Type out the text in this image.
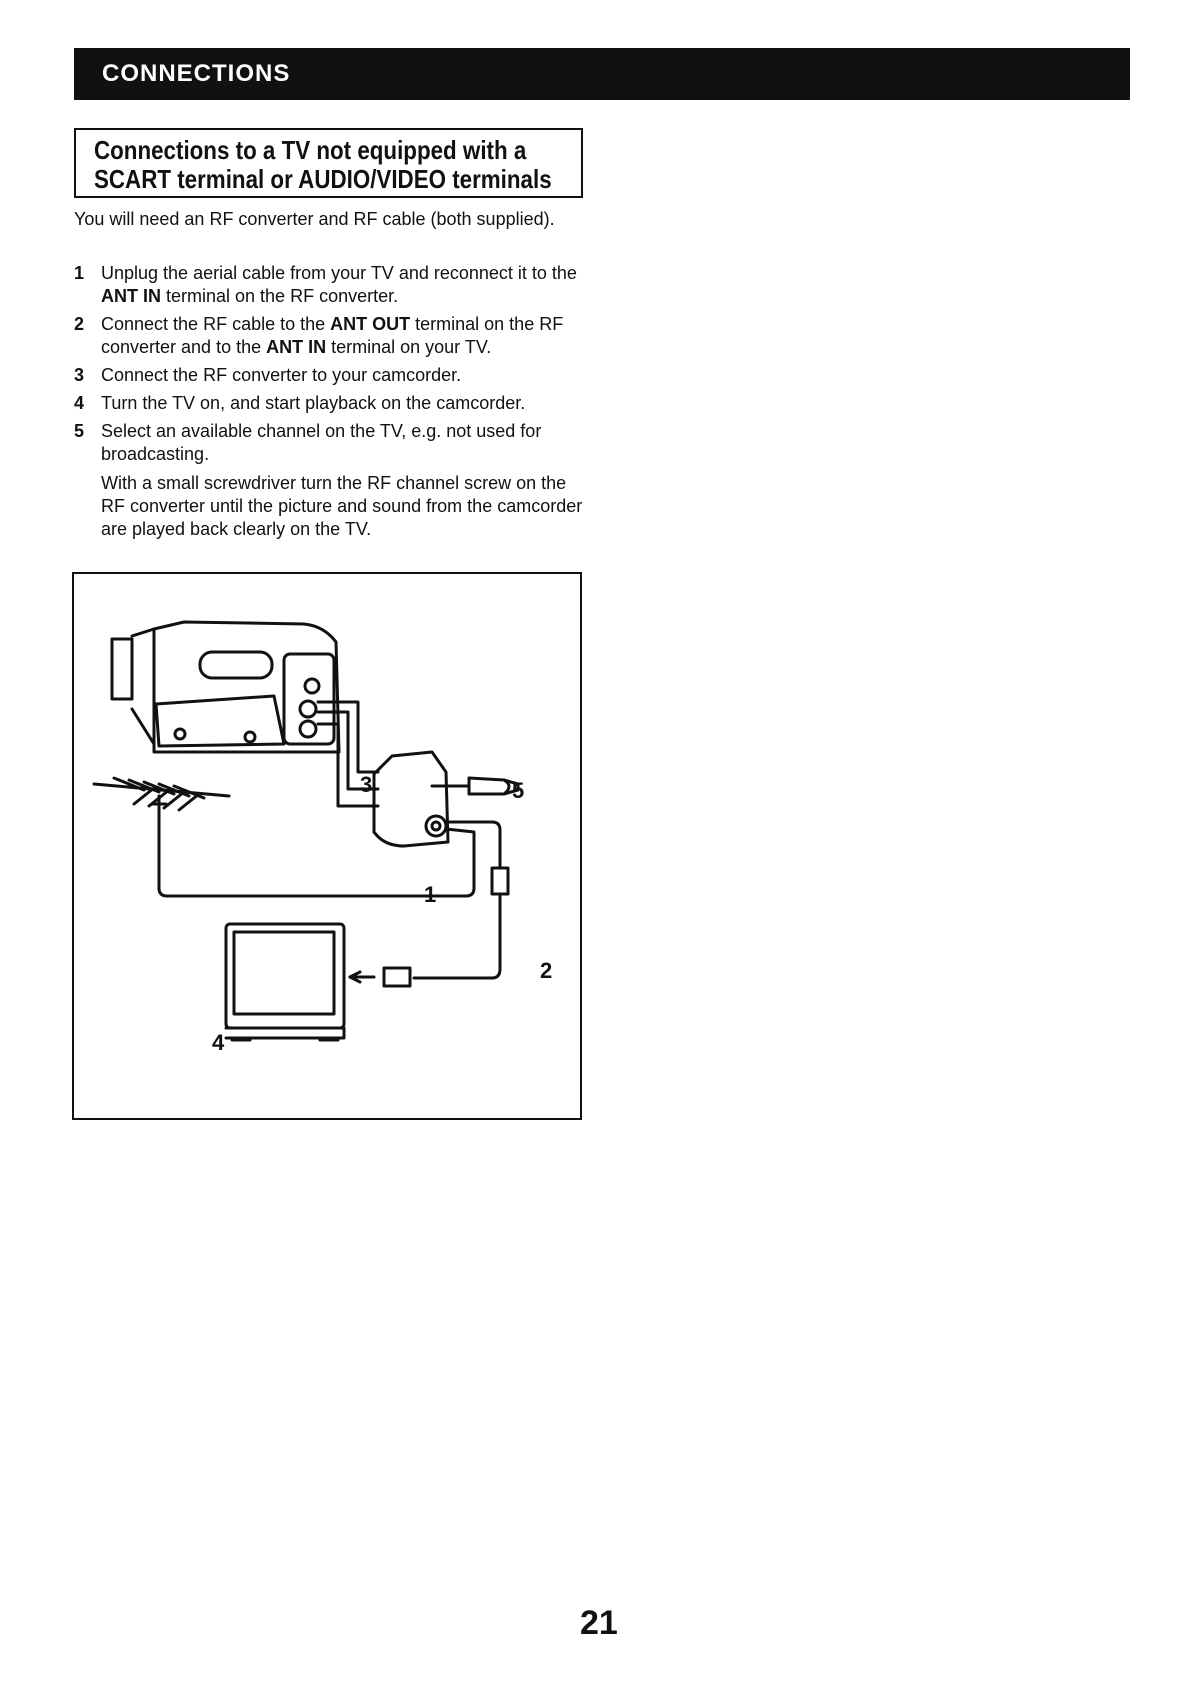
CONNECTIONS
Connections to a TV not equipped with a
SCART terminal or AUDIO/VIDEO terminals
You will need an RF converter and RF cable (both supplied).
1 Unplug the aerial cable from your TV and reconnect it to the ANT IN terminal on the RF converter.
2 Connect the RF cable to the ANT OUT terminal on the RF converter and to the ANT IN terminal on your TV.
3 Connect the RF converter to your camcorder.
4 Turn the TV on, and start playback on the camcorder.
5 Select an available channel on the TV, e.g. not used for broadcasting.
With a small screwdriver turn the RF channel screw on the RF converter until the picture and sound from the camcorder are played back clearly on the TV.
3	5
1
2
4
21
